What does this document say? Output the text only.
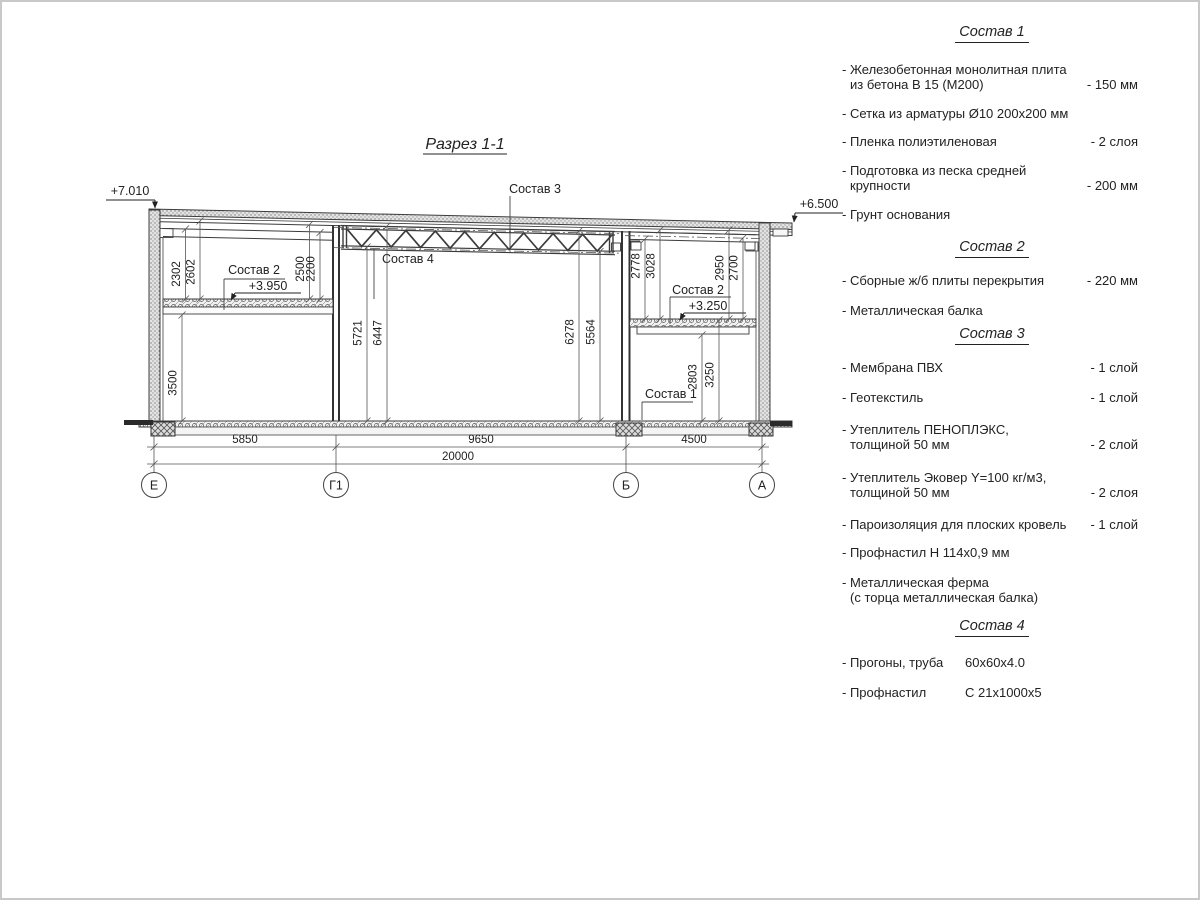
Разрез 1-1
+7.010
+6.500
+3.950
+3.250
Состав 3
Состав 4
Состав 2
Состав 2
Состав 1
2302 2602	2500
2200
3500
5721 6447	6278 5564
2778 3028	2950 2700
2803 3250
5850	9650	4500
20000
Е	Г1	Б	А
Состав 1
- Железобетонная монолитная плита
из бетона В 15 (М200)	- 150 мм
- Сетка из арматуры Ø10 200х200 мм
- Пленка полиэтиленовая	- 2 слоя
- Подготовка из песка средней
крупности	- 200 мм
- Грунт основания
Состав 2
- Сборные ж/б плиты перекрытия	- 220 мм
- Металлическая балка
Состав 3
- Мембрана ПВХ	- 1 слой
- Геотекстиль	- 1 слой
- Утеплитель ПЕНОПЛЭКС,
толщиной 50 мм	- 2 слой
- Утеплитель Эковер Y=100 кг/м3,
толщиной 50 мм	- 2 слоя
- Пароизоляция для плоских кровель	- 1 слой
- Профнастил Н 114х0,9 мм
- Металлическая ферма
(с торца металлическая балка)
Состав 4
- Прогоны, труба	60х60х4.0
- Профнастил	С 21х1000х5
